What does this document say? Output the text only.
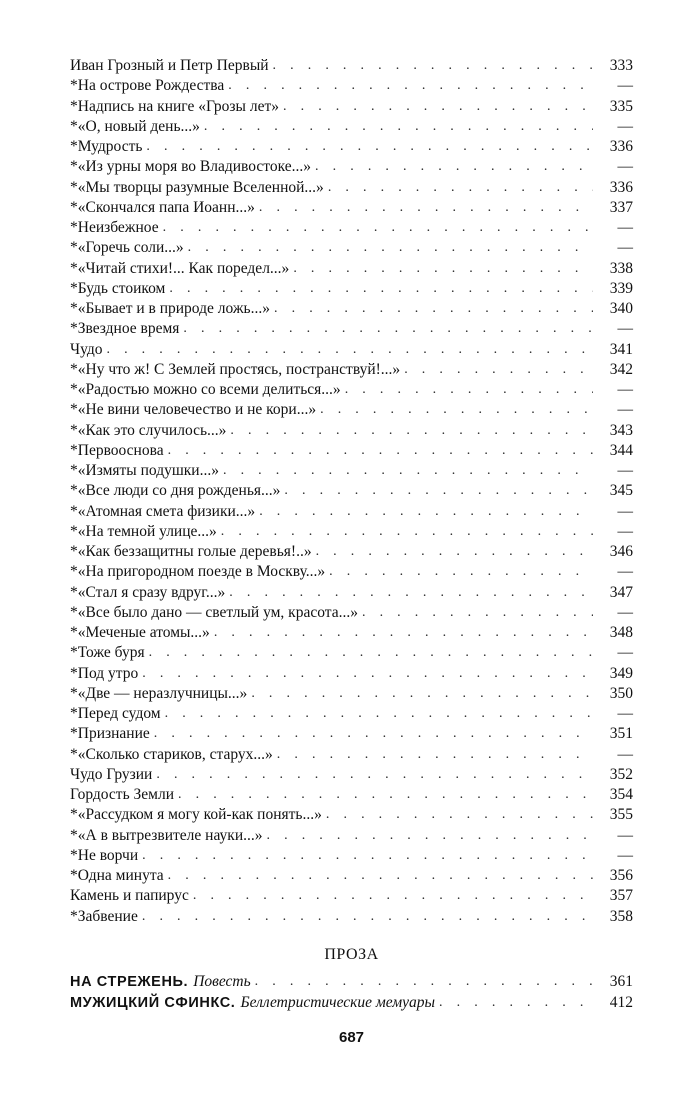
Иван Грозный и Петр Первый . . .	333
*На острове Рождества . . .	—
*Надпись на книге «Грозы лет» . . .	335
*«О, новый день...» . . .	—
*Мудрость . . .	336
*«Из урны моря во Владивостоке...» . . .	—
*«Мы творцы разумные Вселенной...» . . .	336
*«Скончался папа Иоанн...» . . .	337
*Неизбежное . . .	—
*«Горечь соли...» . . .	—
*«Читай стихи!... Как поредел...» . . .	338
*Будь стоиком . . .	339
*«Бывает и в природе ложь...» . . .	340
*Звездное время . . .	—
Чудо . . .	341
*«Ну что ж! С Землей простясь, постранствуй!...» . . .	342
*«Радостью можно со всеми делиться...» . . .	—
*«Не вини человечество и не кори...» . . .	—
*«Как это случилось...» . . .	343
*Первооснова . . .	344
*«Измяты подушки...» . . .	—
*«Все люди со дня рожденья...» . . .	345
*«Атомная смета физики...» . . .	—
*«На темной улице...» . . .	—
*«Как беззащитны голые деревья!..» . . .	346
*«На пригородном поезде в Москву...» . . .	—
*«Стал я сразу вдруг...» . . .	347
*«Все было дано — светлый ум, красота...» . . .	—
*«Меченые атомы...» . . .	348
*Тоже буря . . .	—
*Под утро . . .	349
*«Две — неразлучницы...» . . .	350
*Перед судом . . .	—
*Признание . . .	351
*«Сколько стариков, старух...» . . .	—
Чудо Грузии . . .	352
Гордость Земли . . .	354
*«Рассудком я могу кой-как понять...» . . .	355
*«А в вытрезвителе науки...» . . .	—
*Не ворчи . . .	—
*Одна минута . . .	356
Камень и папирус . . .	357
*Забвение . . .	358
ПРОЗА
НА СТРЕЖЕНЬ. Повесть . . .	361
МУЖИЦКИЙ СФИНКС. Беллетристические мемуары . . .	412
687
